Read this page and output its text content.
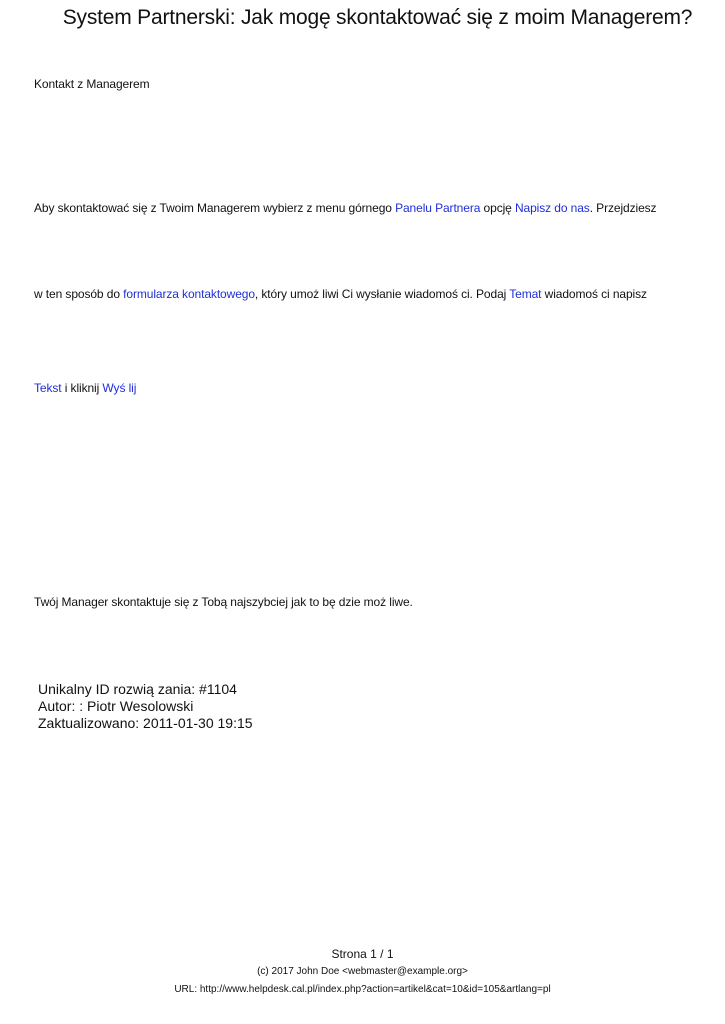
System Partnerski: Jak mogę skontaktować się z moim Managerem?
Kontakt z Managerem
Aby skontaktować się z Twoim Managerem wybierz z menu górnego Panelu Partnera opcję Napisz do nas. Przejdziesz
w ten sposób do formularza kontaktowego, który umoż liwi Ci wysłanie wiadomoś ci. Podaj Temat wiadomoś ci napisz
Tekst i kliknij Wyś lij
Twój Manager skontaktuje się z Tobą najszybciej jak to bę dzie moż liwe.
Unikalny ID rozwią zania: #1104
Autor: : Piotr Wesolowski
Zaktualizowano: 2011-01-30 19:15
Strona 1 / 1
(c) 2017 John Doe <webmaster@example.org>
URL: http://www.helpdesk.cal.pl/index.php?action=artikel&cat=10&id=105&artlang=pl
